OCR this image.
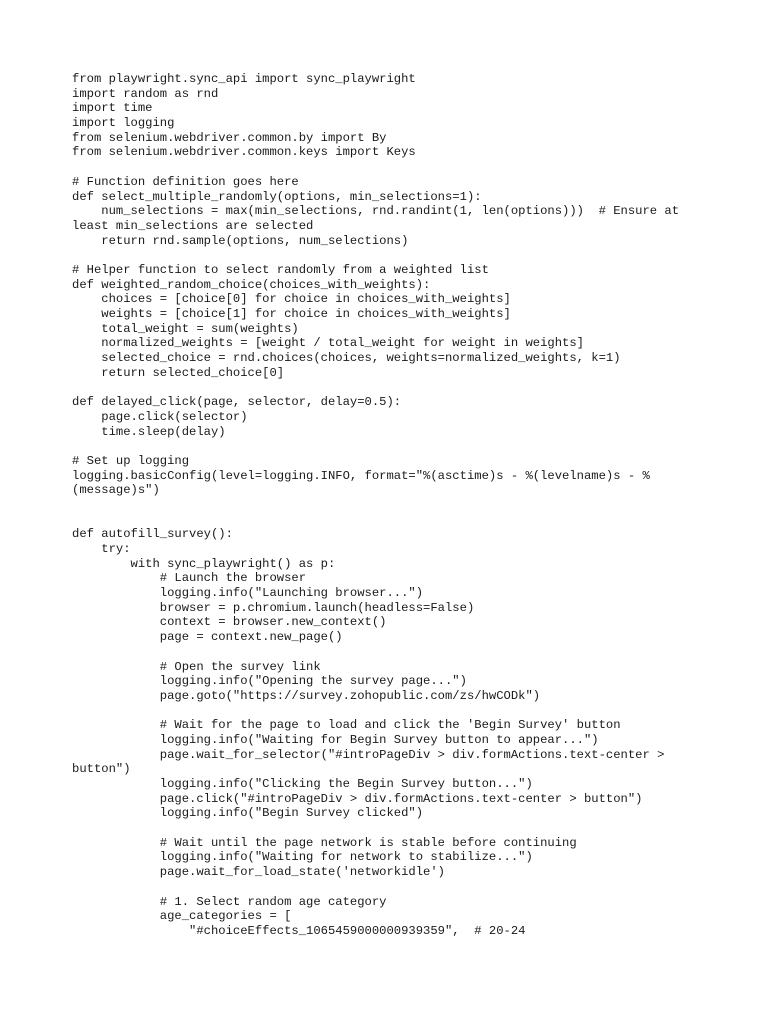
from playwright.sync_api import sync_playwright
import random as rnd
import time
import logging
from selenium.webdriver.common.by import By
from selenium.webdriver.common.keys import Keys
# Function definition goes here
def select_multiple_randomly(options, min_selections=1):
num_selections = max(min_selections, rnd.randint(1, len(options)))  # Ensure at
least min_selections are selected
return rnd.sample(options, num_selections)
# Helper function to select randomly from a weighted list
def weighted_random_choice(choices_with_weights):
choices = [choice[0] for choice in choices_with_weights]
weights = [choice[1] for choice in choices_with_weights]
total_weight = sum(weights)
normalized_weights = [weight / total_weight for weight in weights]
selected_choice = rnd.choices(choices, weights=normalized_weights, k=1)
return selected_choice[0]
def delayed_click(page, selector, delay=0.5):
page.click(selector)
time.sleep(delay)
# Set up logging
logging.basicConfig(level=logging.INFO, format="%(asctime)s - %(levelname)s - %
(message)s")
def autofill_survey():
try:
with sync_playwright() as p:
# Launch the browser
logging.info("Launching browser...")
browser = p.chromium.launch(headless=False)
context = browser.new_context()
page = context.new_page()
# Open the survey link
logging.info("Opening the survey page...")
page.goto("https://survey.zohopublic.com/zs/hwCODk")
# Wait for the page to load and click the 'Begin Survey' button
logging.info("Waiting for Begin Survey button to appear...")
page.wait_for_selector("#introPageDiv > div.formActions.text-center >
button")
logging.info("Clicking the Begin Survey button...")
page.click("#introPageDiv > div.formActions.text-center > button")
logging.info("Begin Survey clicked")
# Wait until the page network is stable before continuing
logging.info("Waiting for network to stabilize...")
page.wait_for_load_state('networkidle')
# 1. Select random age category
age_categories = [
"#choiceEffects_1065459000000939359",  # 20-24
